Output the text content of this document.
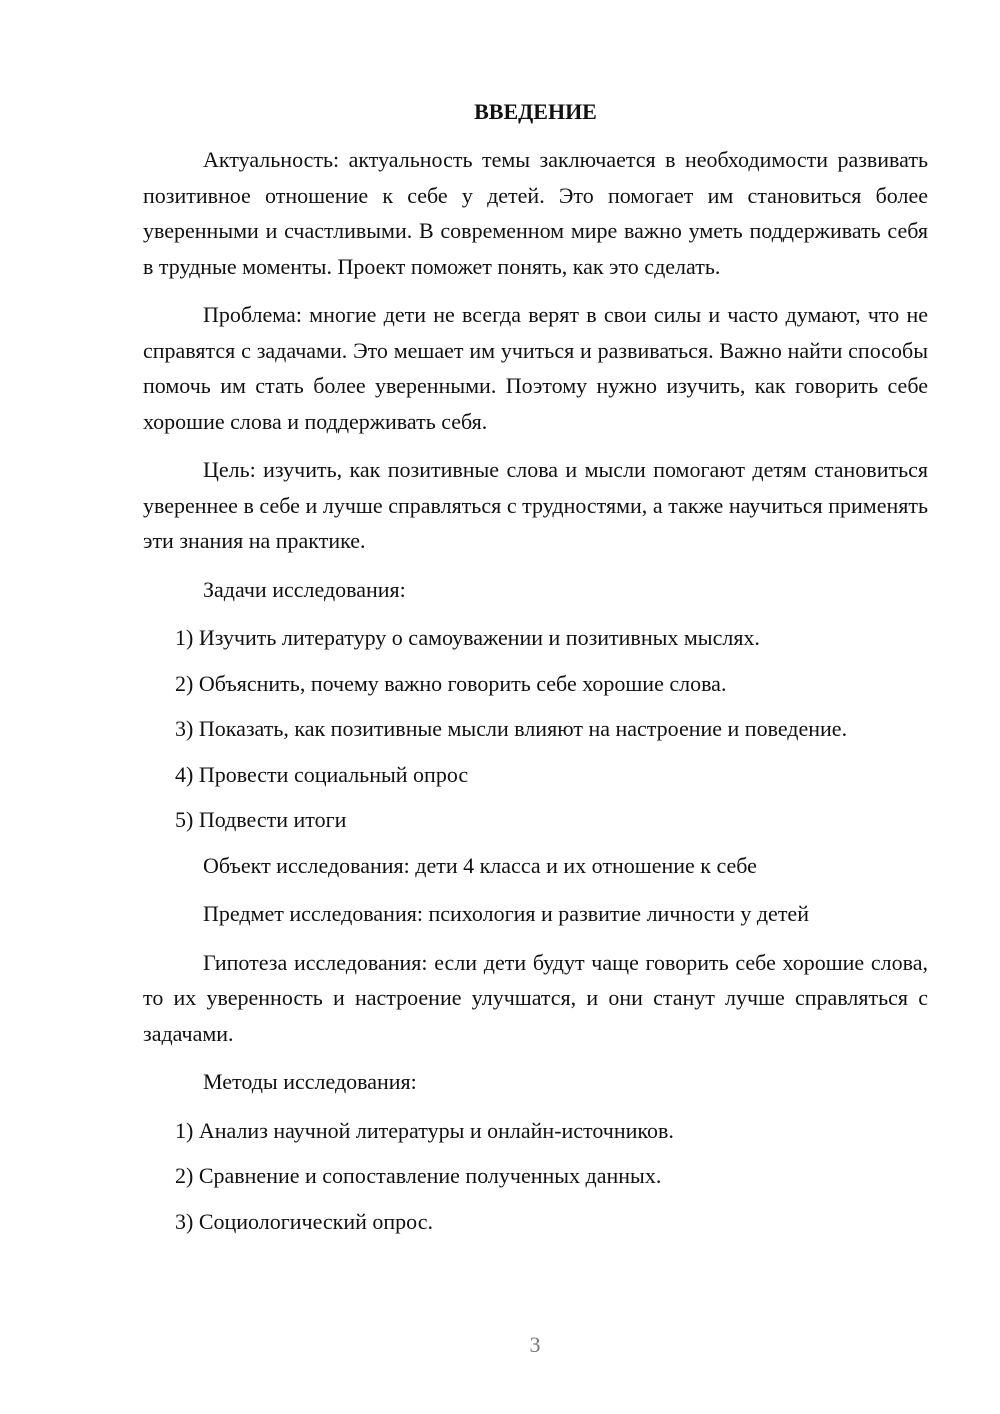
ВВЕДЕНИЕ

Актуальность: актуальность темы заключается в необходимости развивать позитивное отношение к себе у детей. Это помогает им становиться более уверенными и счастливыми. В современном мире важно уметь поддерживать себя в трудные моменты. Проект поможет понять, как это сделать.

Проблема: многие дети не всегда верят в свои силы и часто думают, что не справятся с задачами. Это мешает им учиться и развиваться. Важно найти способы помочь им стать более уверенными. Поэтому нужно изучить, как говорить себе хорошие слова и поддерживать себя.

Цель: изучить, как позитивные слова и мысли помогают детям становиться увереннее в себе и лучше справляться с трудностями, а также научиться применять эти знания на практике.

Задачи исследования:

1) Изучить литературу о самоуважении и позитивных мыслях.

2) Объяснить, почему важно говорить себе хорошие слова.

3) Показать, как позитивные мысли влияют на настроение и поведение.

4) Провести социальный опрос

5) Подвести итоги

Объект исследования: дети 4 класса и их отношение к себе

Предмет исследования: психология и развитие личности у детей

Гипотеза исследования: если дети будут чаще говорить себе хорошие слова, то их уверенность и настроение улучшатся, и они станут лучше справляться с задачами.

Методы исследования:

1) Анализ научной литературы и онлайн-источников.

2) Сравнение и сопоставление полученных данных.

3) Социологический опрос.

3
